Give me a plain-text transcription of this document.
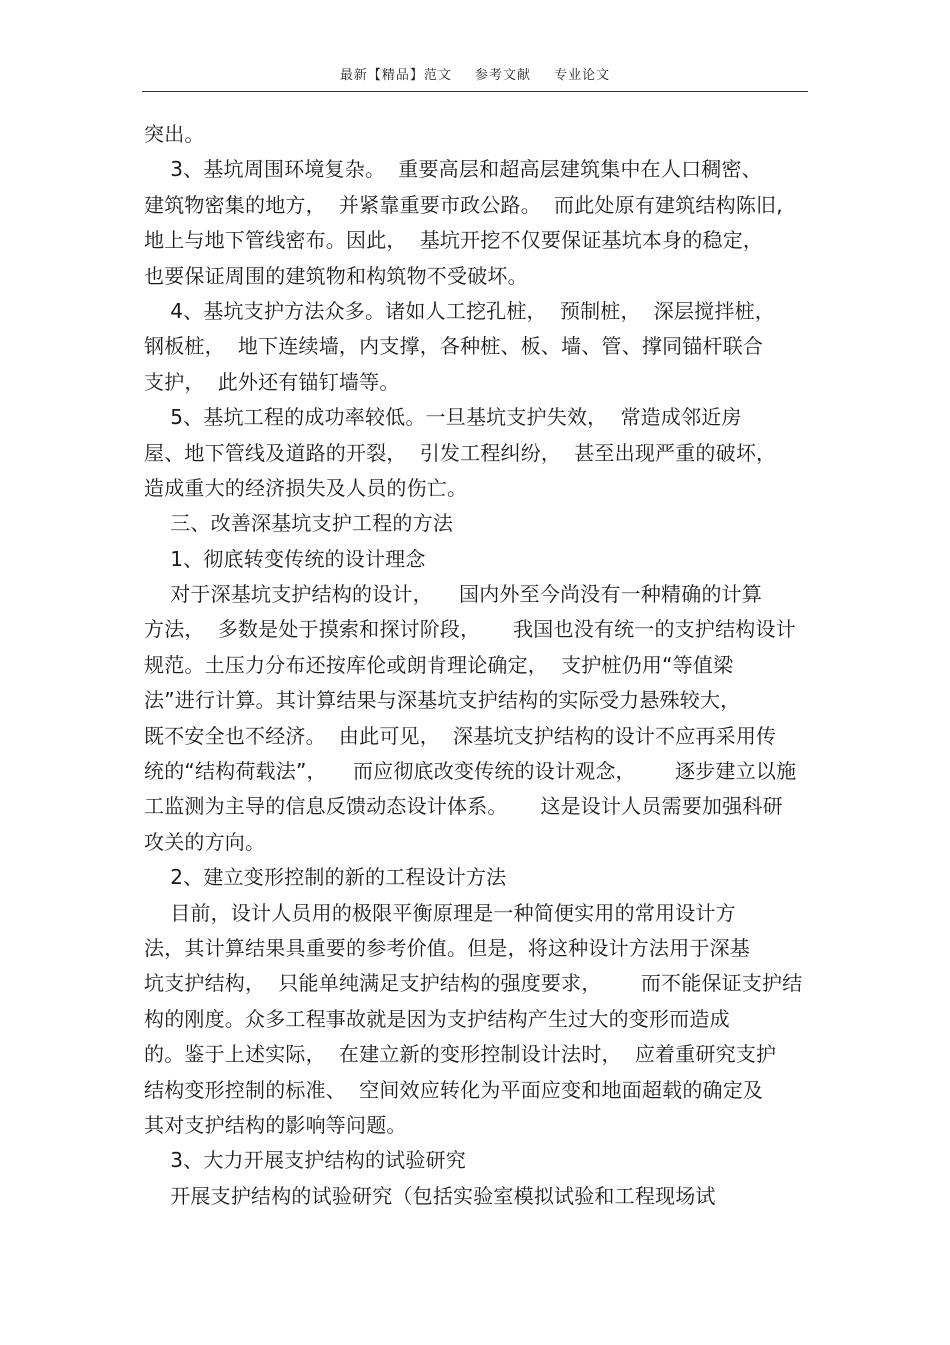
最新【精品】范文 参考文献 专业论文
突出。
3、基坑周围环境复杂。  重要高层和超高层建筑集中在人口稠密、
建筑物密集的地方，  并紧靠重要市政公路。  而此处原有建筑结构陈旧,
地上与地下管线密布。因此，  基坑开挖不仅要保证基坑本身的稳定，
也要保证周围的建筑物和构筑物不受破坏。
4、基坑支护方法众多。诸如人工挖孔桩，  预制桩，  深层搅拌桩，
钢板桩，  地下连续墙，内支撑，各种桩、板、墙、管、撑同锚杆联合
支护，  此外还有锚钉墙等。
5、基坑工程的成功率较低。一旦基坑支护失效，  常造成邻近房
屋、地下管线及道路的开裂，  引发工程纠纷，  甚至出现严重的破坏，
造成重大的经济损失及人员的伤亡。
三、改善深基坑支护工程的方法
1、彻底转变传统的设计理念
对于深基坑支护结构的设计，    国内外至今尚没有一种精确的计算
方法，  多数是处于摸索和探讨阶段，     我国也没有统一的支护结构设计
规范。土压力分布还按库伦或朗肯理论确定，  支护桩仍用“等值梁
法”进行计算。其计算结果与深基坑支护结构的实际受力悬殊较大，
既不安全也不经济。  由此可见，  深基坑支护结构的设计不应再采用传
统的“结构荷载法”，    而应彻底改变传统的设计观念，      逐步建立以施
工监测为主导的信息反馈动态设计体系。     这是设计人员需要加强科研
攻关的方向。
2、建立变形控制的新的工程设计方法
目前，设计人员用的极限平衡原理是一种简便实用的常用设计方
法，其计算结果具重要的参考价值。但是，将这种设计方法用于深基
坑支护结构，  只能单纯满足支护结构的强度要求，      而不能保证支护结
构的刚度。众多工程事故就是因为支护结构产生过大的变形而造成
的。鉴于上述实际，  在建立新的变形控制设计法时，  应着重研究支护
结构变形控制的标准、  空间效应转化为平面应变和地面超载的确定及
其对支护结构的影响等问题。
3、大力开展支护结构的试验研究
开展支护结构的试验研究（包括实验室模拟试验和工程现场试
